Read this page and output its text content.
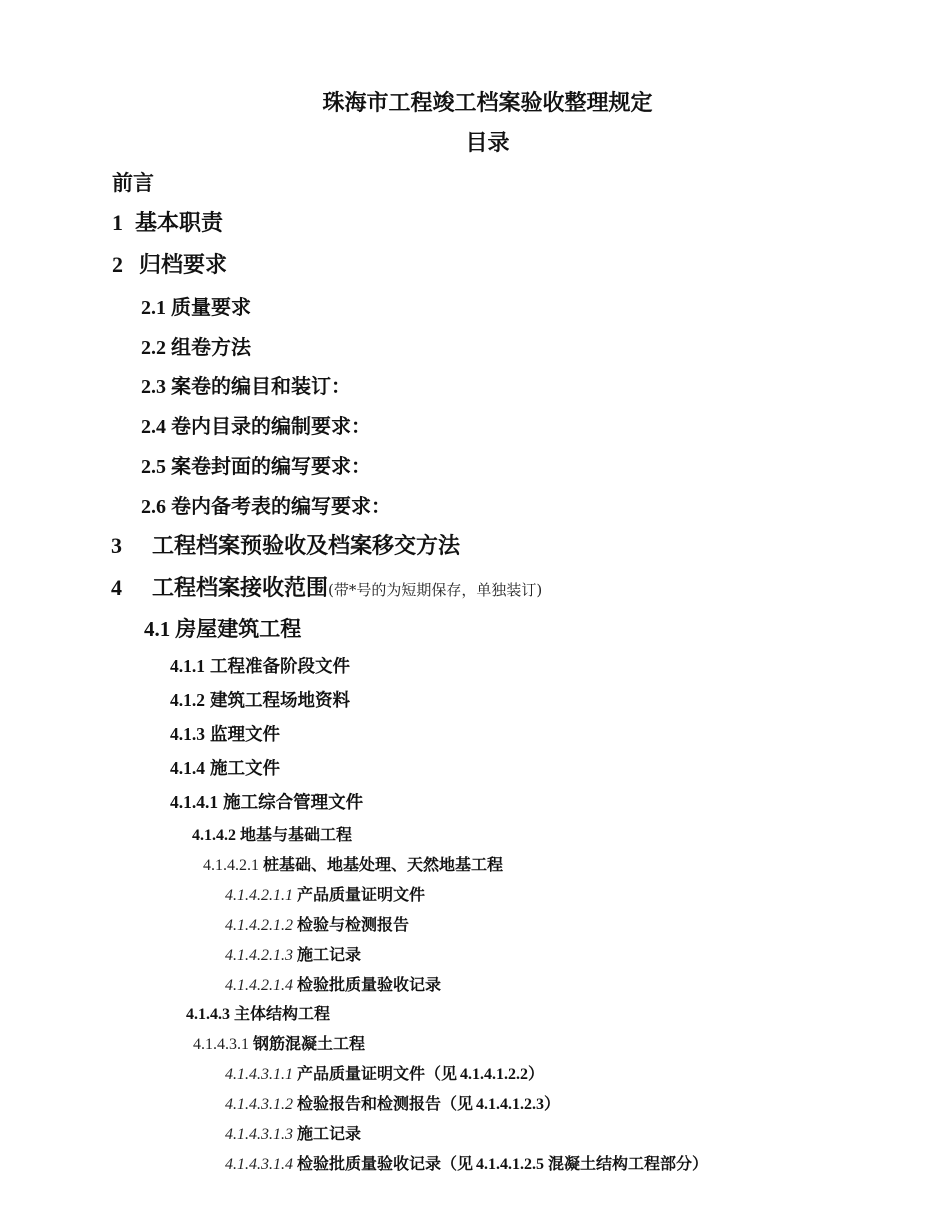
珠海市工程竣工档案验收整理规定
目录
前言
1 基本职责
2 归档要求
2.1 质量要求
2.2 组卷方法
2.3 案卷的编目和装订：
2.4 卷内目录的编制要求：
2.5 案卷封面的编写要求：
2.6 卷内备考表的编写要求：
3 工程档案预验收及档案移交方法
4 工程档案接收范围(带*号的为短期保存，单独装订)
4.1 房屋建筑工程
4.1.1 工程准备阶段文件
4.1.2 建筑工程场地资料
4.1.3 监理文件
4.1.4 施工文件
4.1.4.1 施工综合管理文件
4.1.4.2 地基与基础工程
4.1.4.2.1 桩基础、地基处理、天然地基工程
4.1.4.2.1.1 产品质量证明文件
4.1.4.2.1.2 检验与检测报告
4.1.4.2.1.3 施工记录
4.1.4.2.1.4 检验批质量验收记录
4.1.4.3 主体结构工程
4.1.4.3.1 钢筋混凝土工程
4.1.4.3.1.1 产品质量证明文件（见 4.1.4.1.2.2）
4.1.4.3.1.2 检验报告和检测报告（见 4.1.4.1.2.3）
4.1.4.3.1.3 施工记录
4.1.4.3.1.4 检验批质量验收记录（见 4.1.4.1.2.5 混凝土结构工程部分）
